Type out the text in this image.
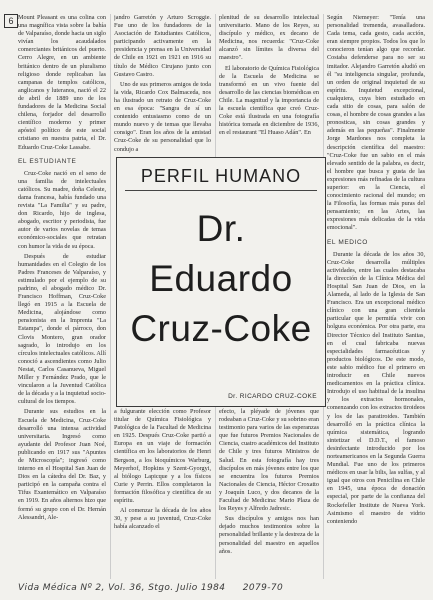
6 Mount Pleasant es una colina con una magnífica vista sobre la bahía de Valparaíso, donde hacia un siglo vivían los acaudalados comerciantes británicos del puerto. Cerro Alegre, en un ambiente británico dentro de un pluralismo religioso donde replicaban las campanas de templos católicos, anglicanos y luteranos, nació el 22 de abril de 1889 uno de los fundadores de la Medicina Social chilena, forjador del desarrollo científico moderno y primer apóstol político de este social cristiano en nuestra patria, el Dr. Eduardo Cruz-Coke Lassabe.

EL ESTUDIANTE

Cruz-Coke nació en el seno de una familia de intelectuales católicos. Su madre, doña Celeste, dama francesa, había fundado una revista "La Familia" y su padre, don Ricardo, hijo de inglesa, abogado, escritor y periodista, fue autor de varios novelas de temas económico-sociales que retratan con humor la vida de su época.

Después de estudiar humanidades en el Colegio de los Padres Franceses de Valparaíso, y estimulado por el ejemplo de su padrino, el abogado médico Dr. Francisco Hoffman, Cruz-Coke llegó en 1915 a la Escuela de Medicina, alojándose como pensionista en la Imprenta "La Estampa", donde el párroco, don Clovis Montero, gran orador sagrado, lo introdujo en los círculos intelectuales católicos. Allí conoció a ascendientes como Julio Nestat, Carlos Casanueva, Miguel Miller y Fernández Prado, que le vincularon a la Juventud Católica de la década y a la inquietud socio-cultural de los tiempos.

Durante sus estudios en la Escuela de Medicina, Cruz-Coke desarrolló una intensa actividad universitaria. Ingresó como ayudante del Profesor Juan Noé, publicando en 1917 sus "Apuntes de Microscopía"; ingresó como interno en el Hospital San Juan de Dios en la cátedra del Dr. Baz, y participó en la campaña contra el Tifus Exantemático en Valparaíso en 1919. En años alternos hizo que formó su grupo con el Dr. Hernán Alessandri, Ale-

jandro Garretón y Arturo Scroggie. Fue uno de los fundadores de la Asociación de Estudiantes Católicos, participando activamente en la presidencia y prensa en la Universidad de Chile en 1921 en 1921 en 1916 su título de Médico Cirujano junto con Gustavo Castro.

Uno de sus primeros amigos de toda la vida, Ricardo Cox Balmaceda, nos ha ilustrado un retrato de Cruz-Coke en esa época: "Sangra de sí un contenido entusiasmo como de un mundo nuevo y de temas que llevaba consigo". Eran los años de la amistad Cruz-Coke de su personalidad que lo condujo a

plenitud de su desarrollo intelectual universitario. Mano de los Reyes, su discípulo y médico, ex decano de Medicina, nos recuerda: "Cruz-Coke alcanzó sin límites la diversa del maestro".

El laboratorio de Química Fisiológica de la Escuela de Medicina se transformó en un vivo fuente del desarrollo de las ciencias biomédicas en Chile. La magnitud y la importancia de la escuela científica que creó Cruz-Coke está ilustrada en una fotografía histórica tomada en diciembre de 1936, en el restaurant "El Huaso Adán". En

PERFIL HUMANO
Dr.
Eduardo
Cruz-Coke
Dr. RICARDO CRUZ-COKE

a fulgurante elección como Profesor titular de Química Fisiológica y Patológica de la Facultad de Medicina en 1925. Después Cruz-Coke partió a Europa en un viaje de formación científica en los laboratorios de Henri Bergson, a los bioquímicos Warburg, Meyerhof, Hopkins y Szent-Gyorgyi, al biólogo Lapicque y a los físicos Curie y Perrin. Ellos completaron la formación filosófica y científica de su espíritu.

Al comenzar la década de los años 30, y pese a su juventud, Cruz-Coke había alcanzado el

efecto, la pléyade de jóvenes que rodeaban a Cruz-Coke y su sobrino eran testimonio para varios de las esperanzas que fue futuros Premios Nacionales de Ciencia, cuatro académicos del Instituto de Chile y tres futuros Ministros de Salud. En esta fotografía hay tres discípulos en más jóvenes entre los que se encuentra los futuros Premios Nacionales de Ciencia, Héctor Croxatto y Joaquín Luco, y dos decanos de la Facultad de Medicina: Mario Plaza de los Reyes y Alfredo Jadresic.

Sus discípulos y amigos nos han dejado muchos testimonios sobre la personalidad brillante y la destreza de la personalidad del maestro en aquellos años.

Según Niemeyer: "Tenía una personalidad tremenda, avasalladora. Cada tema, cada gesto, cada acción, eran siempre propios. Todos los que lo conocieron tenían algo que recordar. Costaba defenderse para no ser su imitador. Alejandro Garretón aludió en él "su inteligencia singular, profunda, un orden de original inquietud de su espíritu. Inquietud excepcional, cualquiera, cuya bien estudiado en cada sitio de cosas, para salón de cosas, el hombre de cosas grandes a las pronosticas, sin cosas grandes y además en las pequeñas". Finalmente Jorge Mardones nos completa la descripción científica del maestro: "Cruz-Coke fue un sabio en el más elevado sentido de la palabra, es decir, el hombre que busca y gusta de las expresiones más refinadas de la cultura superior: en la Ciencia, el conocimiento racional del mundo; en la Filosofía, las formas más puras del pensamiento; en las Artes, las expresiones más delicadas de la vida emocional".

EL MEDICO

Durante la década de los años 30, Cruz-Coke desarrolla múltiples actividades, entre las cuales destacaba la dirección de la Clínica Médica del Hospital San Juan de Dios, en la Alameda, al lado de la Iglesia de San Francisco. Era un excepcional médico clínico con una gran clientela particular que le permitía vivir con holgura económica. Por otra parte, era Director Técnico del Instituto Sanitas, en el cual fabricaba nuevas especialidades farmacéuticas y productos biológicos. De este modo, este sabio médico fue el primero en introducir en Chile nuevos medicamentos en la práctica clínica. Introdujo el uso habitual de la insulina y los extractos hormonales, comenzando con los extractos tiroideos y los de las paratiroides. También desarrolló en la práctica clínica la química sistemática, logrando sintetizar el D.D.T., el famoso desinfectante introducido por los norteamericanos en la Segunda Guerra Mundial. Fue uno de los primeros médicos en usar la bilis, las sulfas, y al igual que otros con Penicilina en Chile en 1945, una época de donación especial, por parte de la confianza del Rockefeller Institute de Nueva York. Asimismo el maestro de vidrio conteniendo

Vida Médica Nº 2, Vol. 36, Stgo. Julio 1984 2079-70
